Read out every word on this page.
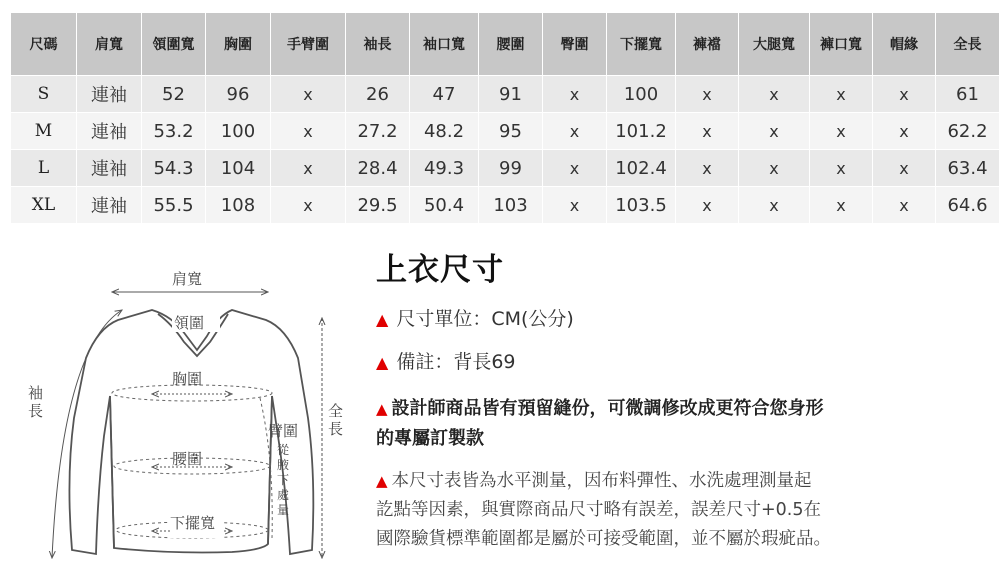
尺碼	肩寬	領圍寬	胸圍	手臂圍	袖長	袖口寬	腰圍	臀圍	下擺寬	褲襠	大腿寬	褲口寬	帽緣	全長
S	連袖	52	96	x	26	47	91	x	100	x	x	x	x	61
M	連袖	53.2	100	x	27.2	48.2	95	x	101.2	x	x	x	x	62.2
L	連袖	54.3	104	x	28.4	49.3	99	x	102.4	x	x	x	x	63.4
XL	連袖	55.5	108	x	29.5	50.4	103	x	103.5	x	x	x	x	64.6
肩寬
領圍
胸圍
腰圍
下擺寬
袖
長
臂圍
從
腋
下
處
量
全
長
上衣尺寸
▲ 尺寸單位：CM(公分)
▲ 備註：背長69
▲ 設計師商品皆有預留縫份，可微調修改成更符合您身形
的專屬訂製款
▲ 本尺寸表皆為水平測量，因布料彈性、水洗處理測量起
訖點等因素，與實際商品尺寸略有誤差，誤差尺寸+0.5在
國際驗貨標準範圍都是屬於可接受範圍，並不屬於瑕疵品。
